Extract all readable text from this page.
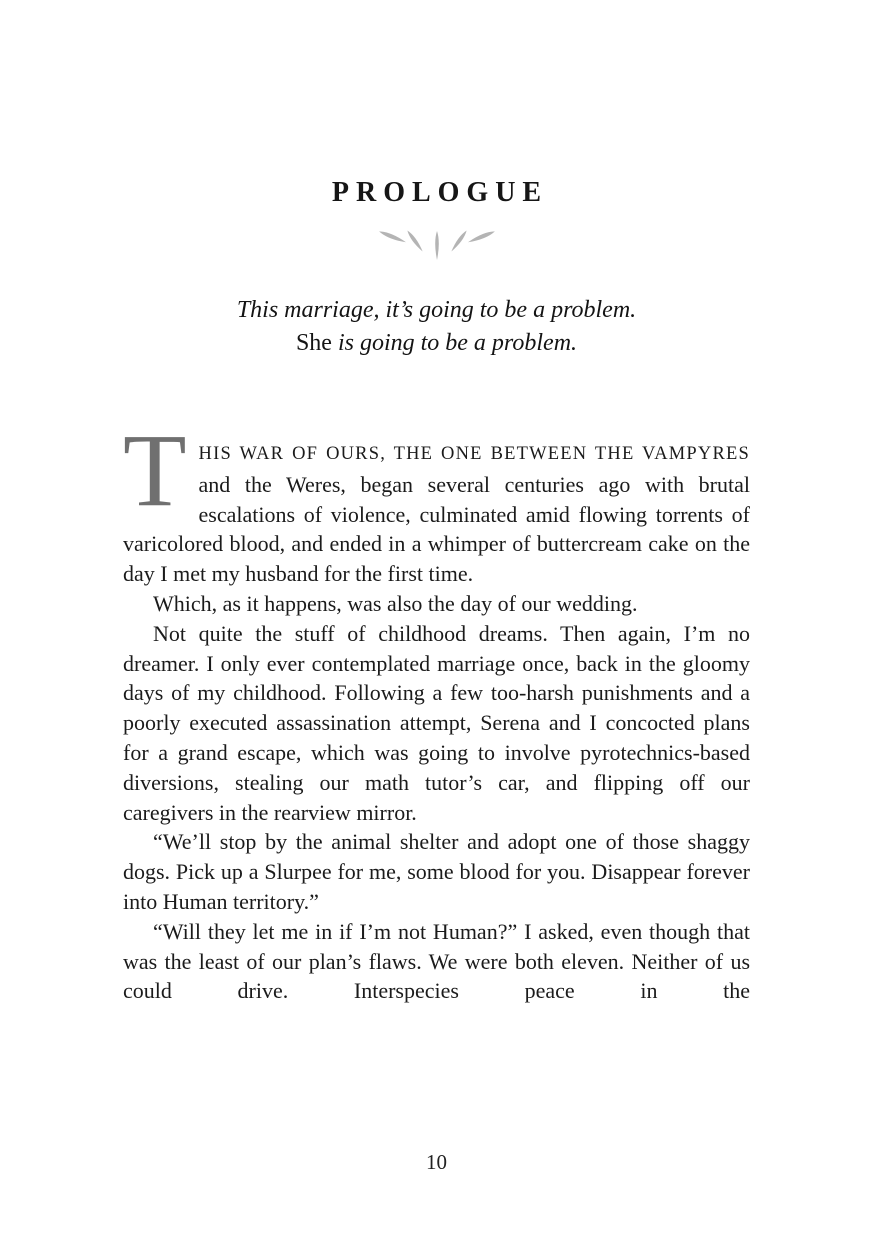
PROLOGUE
This marriage, it’s going to be a problem.
She is going to be a problem.

THIS WAR OF OURS, THE ONE BETWEEN THE VAMPYRES and the Weres, began several centuries ago with brutal escalations of violence, culminated amid flowing torrents of varicolored blood, and ended in a whimper of buttercream cake on the day I met my husband for the first time.

Which, as it happens, was also the day of our wedding.

Not quite the stuff of childhood dreams. Then again, I’m no dreamer. I only ever contemplated marriage once, back in the gloomy days of my childhood. Following a few too-harsh punishments and a poorly executed assassination attempt, Serena and I concocted plans for a grand escape, which was going to involve pyrotechnics-based diversions, stealing our math tutor’s car, and flipping off our caregivers in the rearview mirror.

“We’ll stop by the animal shelter and adopt one of those shaggy dogs. Pick up a Slurpee for me, some blood for you. Disappear forever into Human territory.”

“Will they let me in if I’m not Human?” I asked, even though that was the least of our plan’s flaws. We were both eleven. Neither of us could drive. Interspecies peace in the

10
